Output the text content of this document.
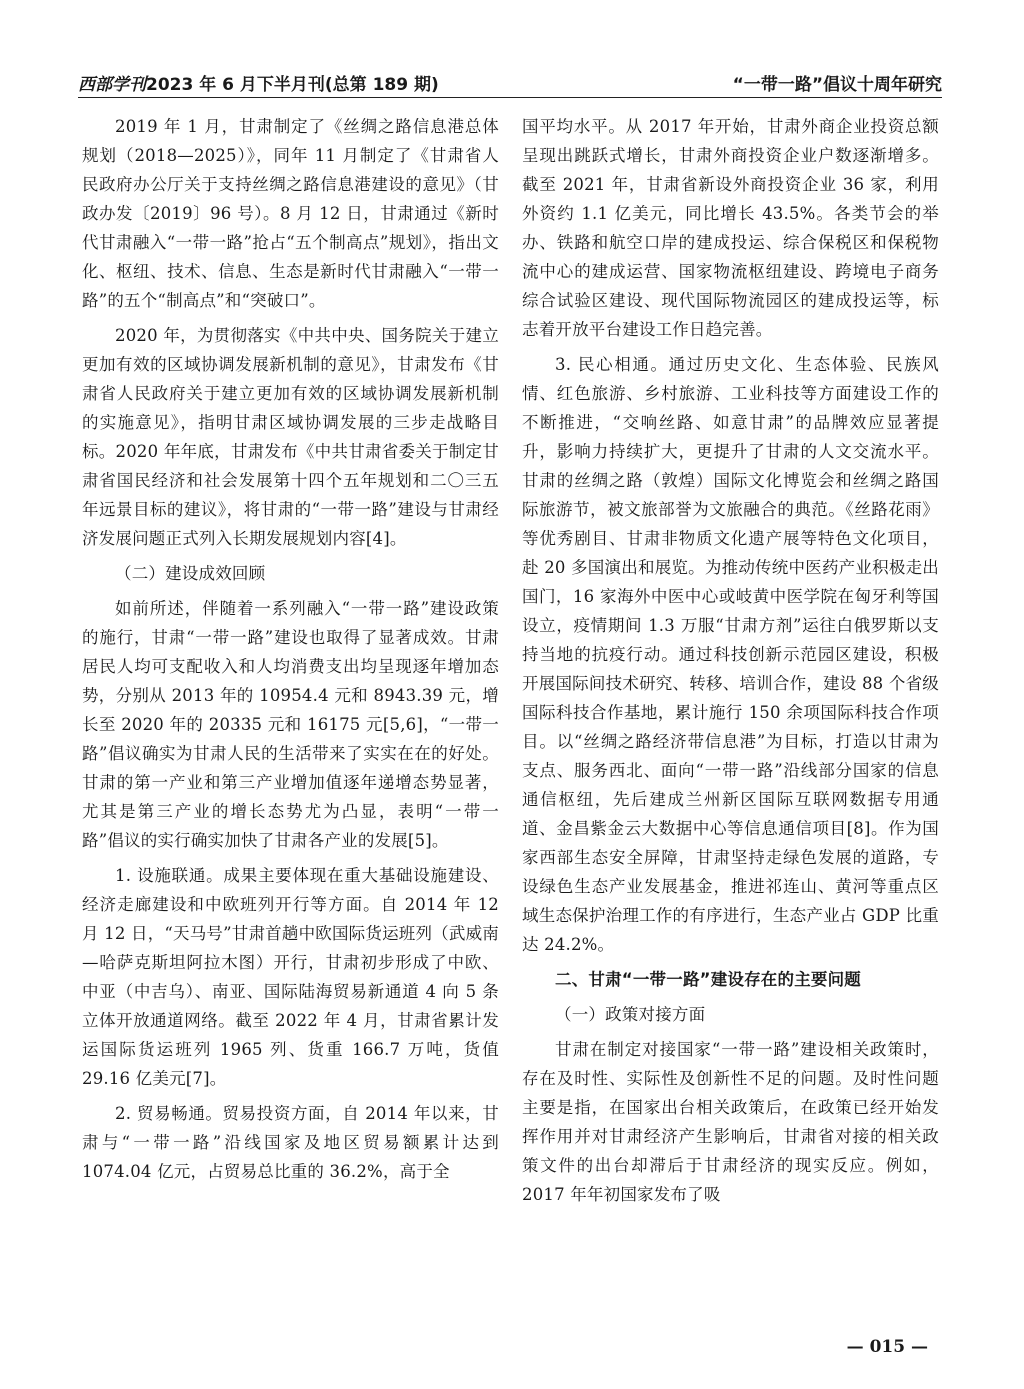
西部学刊2023 年 6 月下半月刊(总第 189 期)	“一带一路”倡议十周年研究

2019 年 1 月，甘肃制定了《丝绸之路信息港总体规划（2018—2025）》，同年 11 月制定了《甘肃省人民政府办公厅关于支持丝绸之路信息港建设的意见》（甘政办发〔2019〕96 号）。8 月 12 日，甘肃通过《新时代甘肃融入“一带一路”抢占“五个制高点”规划》，指出文化、枢纽、技术、信息、生态是新时代甘肃融入“一带一路”的五个“制高点”和“突破口”。

2020 年，为贯彻落实《中共中央、国务院关于建立更加有效的区域协调发展新机制的意见》，甘肃发布《甘肃省人民政府关于建立更加有效的区域协调发展新机制的实施意见》，指明甘肃区域协调发展的三步走战略目标。2020 年年底，甘肃发布《中共甘肃省委关于制定甘肃省国民经济和社会发展第十四个五年规划和二〇三五年远景目标的建议》，将甘肃的“一带一路”建设与甘肃经济发展问题正式列入长期发展规划内容[4]。

（二）建设成效回顾

如前所述，伴随着一系列融入“一带一路”建设政策的施行，甘肃“一带一路”建设也取得了显著成效。甘肃居民人均可支配收入和人均消费支出均呈现逐年增加态势，分别从 2013 年的 10954.4 元和 8943.39 元，增长至 2020 年的 20335 元和 16175 元[5,6]，“一带一路”倡议确实为甘肃人民的生活带来了实实在在的好处。甘肃的第一产业和第三产业增加值逐年递增态势显著，尤其是第三产业的增长态势尤为凸显，表明“一带一路”倡议的实行确实加快了甘肃各产业的发展[5]。

1. 设施联通。成果主要体现在重大基础设施建设、经济走廊建设和中欧班列开行等方面。自 2014 年 12 月 12 日，“天马号”甘肃首趟中欧国际货运班列（武威南—哈萨克斯坦阿拉木图）开行，甘肃初步形成了中欧、中亚（中吉乌）、南亚、国际陆海贸易新通道 4 向 5 条立体开放通道网络。截至 2022 年 4 月，甘肃省累计发运国际货运班列 1965 列、货重 166.7 万吨，货值 29.16 亿美元[7]。

2. 贸易畅通。贸易投资方面，自 2014 年以来，甘肃与“一带一路”沿线国家及地区贸易额累计达到 1074.04 亿元，占贸易总比重的 36.2%，高于全

国平均水平。从 2017 年开始，甘肃外商企业投资总额呈现出跳跃式增长，甘肃外商投资企业户数逐渐增多。截至 2021 年，甘肃省新设外商投资企业 36 家，利用外资约 1.1 亿美元，同比增长 43.5%。各类节会的举办、铁路和航空口岸的建成投运、综合保税区和保税物流中心的建成运营、国家物流枢纽建设、跨境电子商务综合试验区建设、现代国际物流园区的建成投运等，标志着开放平台建设工作日趋完善。

3. 民心相通。通过历史文化、生态体验、民族风情、红色旅游、乡村旅游、工业科技等方面建设工作的不断推进，“交响丝路、如意甘肃”的品牌效应显著提升，影响力持续扩大，更提升了甘肃的人文交流水平。甘肃的丝绸之路（敦煌）国际文化博览会和丝绸之路国际旅游节，被文旅部誉为文旅融合的典范。《丝路花雨》等优秀剧目、甘肃非物质文化遗产展等特色文化项目，赴 20 多国演出和展览。为推动传统中医药产业积极走出国门，16 家海外中医中心或岐黄中医学院在匈牙利等国设立，疫情期间 1.3 万服“甘肃方剂”运往白俄罗斯以支持当地的抗疫行动。通过科技创新示范园区建设，积极开展国际间技术研究、转移、培训合作，建设 88 个省级国际科技合作基地，累计施行 150 余项国际科技合作项目。以“丝绸之路经济带信息港”为目标，打造以甘肃为支点、服务西北、面向“一带一路”沿线部分国家的信息通信枢纽，先后建成兰州新区国际互联网数据专用通道、金昌紫金云大数据中心等信息通信项目[8]。作为国家西部生态安全屏障，甘肃坚持走绿色发展的道路，专设绿色生态产业发展基金，推进祁连山、黄河等重点区域生态保护治理工作的有序进行，生态产业占 GDP 比重达 24.2%。

二、甘肃“一带一路”建设存在的主要问题
（一）政策对接方面

甘肃在制定对接国家“一带一路”建设相关政策时，存在及时性、实际性及创新性不足的问题。及时性问题主要是指，在国家出台相关政策后，在政策已经开始发挥作用并对甘肃经济产生影响后，甘肃省对接的相关政策文件的出台却滞后于甘肃经济的现实反应。例如，2017 年年初国家发布了吸

— 015 —
